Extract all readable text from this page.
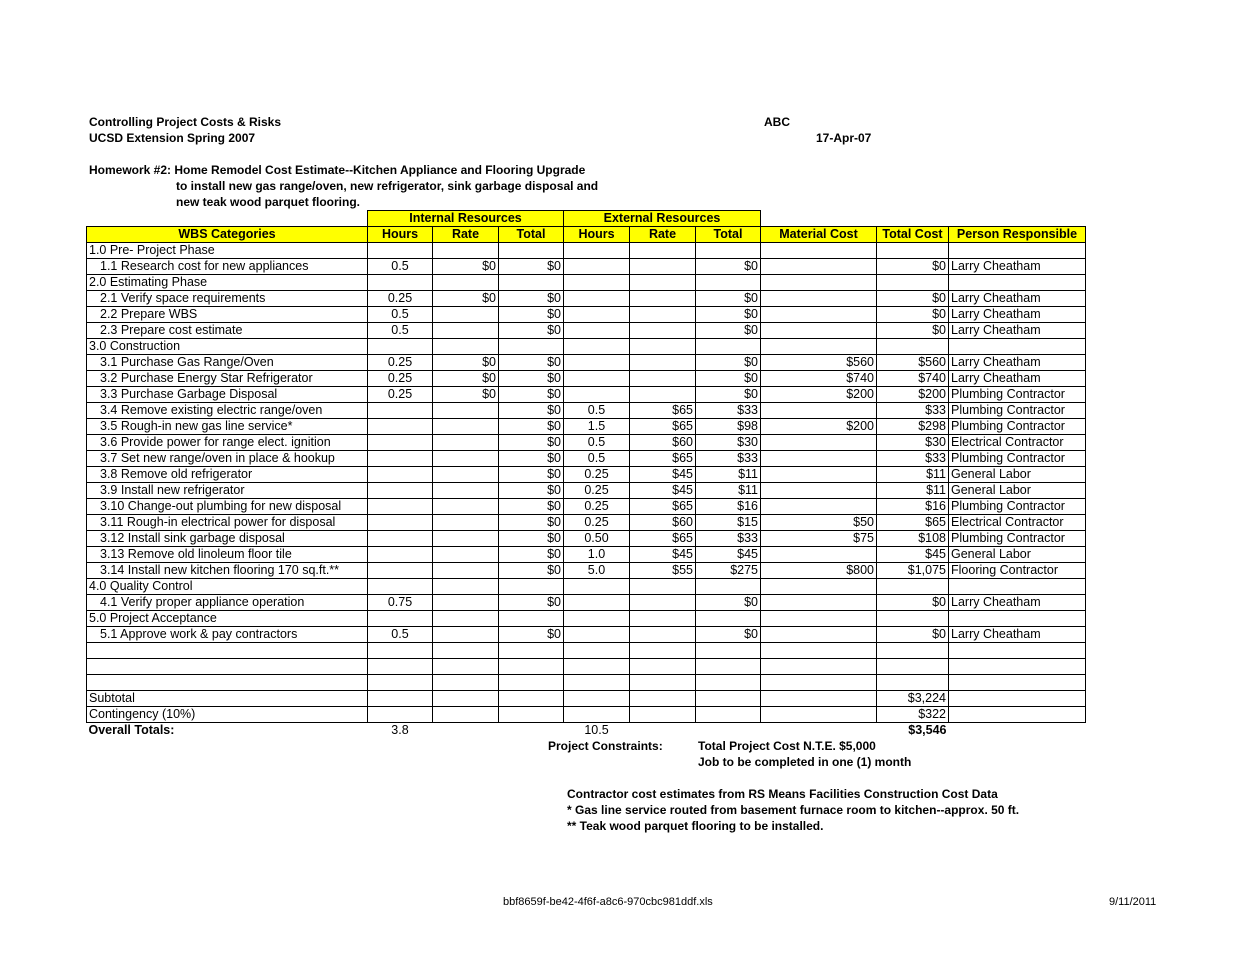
Controlling Project Costs & Risks
UCSD Extension Spring 2007
ABC
17-Apr-07
Homework #2: Home Remodel Cost Estimate--Kitchen Appliance and Flooring Upgrade
to install new gas range/oven, new refrigerator, sink garbage disposal and
new teak wood parquet flooring.
	Internal Resources			External Resources					
WBS Categories	Hours	Rate	Total	Hours	Rate	Total	Material Cost	Total Cost	Person Responsible
1.0 Pre- Project Phase									
1.1 Research cost for new appliances	0.5	$0	$0			$0		$0	Larry Cheatham
2.0 Estimating Phase									
2.1 Verify space requirements	0.25	$0	$0			$0		$0	Larry Cheatham
2.2 Prepare WBS	0.5		$0			$0		$0	Larry Cheatham
2.3 Prepare cost estimate	0.5		$0			$0		$0	Larry Cheatham
3.0 Construction									
3.1 Purchase Gas Range/Oven	0.25	$0	$0			$0	$560	$560	Larry Cheatham
3.2 Purchase Energy Star Refrigerator	0.25	$0	$0			$0	$740	$740	Larry Cheatham
3.3 Purchase Garbage Disposal	0.25	$0	$0			$0	$200	$200	Plumbing Contractor
3.4 Remove existing electric range/oven			$0	0.5	$65	$33		$33	Plumbing Contractor
3.5 Rough-in new gas line service*			$0	1.5	$65	$98	$200	$298	Plumbing Contractor
3.6 Provide power for range elect. ignition			$0	0.5	$60	$30		$30	Electrical Contractor
3.7 Set new range/oven in place & hookup			$0	0.5	$65	$33		$33	Plumbing Contractor
3.8 Remove old refrigerator			$0	0.25	$45	$11		$11	General Labor
3.9 Install new refrigerator			$0	0.25	$45	$11		$11	General Labor
3.10 Change-out plumbing for new disposal			$0	0.25	$65	$16		$16	Plumbing Contractor
3.11 Rough-in electrical power for disposal			$0	0.25	$60	$15	$50	$65	Electrical Contractor
3.12 Install sink garbage disposal			$0	0.50	$65	$33	$75	$108	Plumbing Contractor
3.13 Remove old linoleum floor tile			$0	1.0	$45	$45		$45	General Labor
3.14 Install new kitchen flooring 170 sq.ft.**			$0	5.0	$55	$275	$800	$1,075	Flooring Contractor
4.0 Quality Control									
4.1 Verify proper appliance operation	0.75		$0			$0		$0	Larry Cheatham
5.0 Project Acceptance									
5.1 Approve work & pay contractors	0.5		$0			$0		$0	Larry Cheatham

Subtotal								$3,224	
Contingency (10%)								$322	
Overall Totals:	3.8			10.5				$3,546	
Project Constraints:	Total Project Cost N.T.E. $5,000
Job to be completed in one (1) month
Contractor cost estimates from RS Means Facilities Construction Cost Data
* Gas line service routed from basement furnace room to kitchen--approx. 50 ft.
** Teak wood parquet flooring to be installed.
bbf8659f-be42-4f6f-a8c6-970cbc981ddf.xls	9/11/2011
